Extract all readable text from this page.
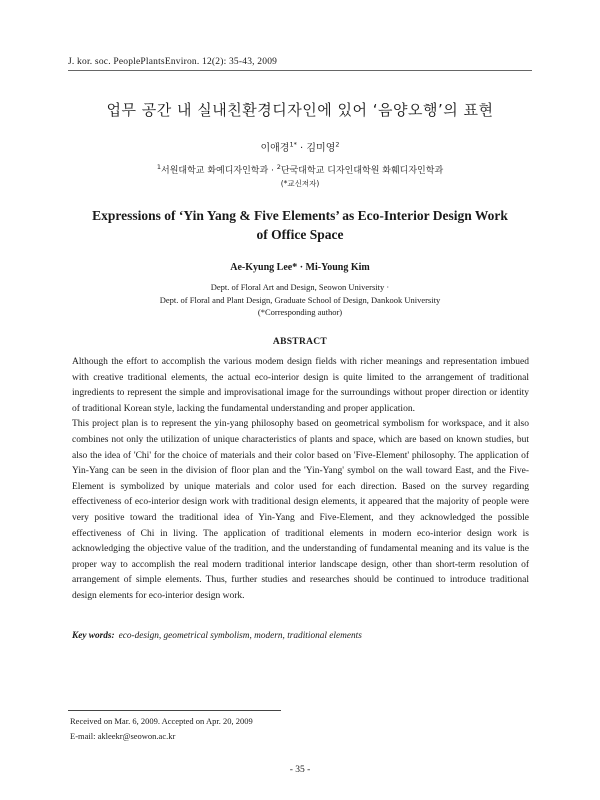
J. kor. soc. PeoplePlantsEnviron. 12(2): 35-43, 2009
업무 공간 내 실내친환경디자인에 있어 ‘음양오행’의 표현
이애경$^{1*}$ · 김미영$^2$
$^1$서원대학교 화예디자인학과 · $^2$단국대학교 디자인대학원 화훼디자인학과
(*교신저자)
Expressions of ‘Yin Yang & Five Elements’ as Eco-Interior Design Work
of Office Space
Ae-Kyung Lee* · Mi-Young Kim
Dept. of Floral Art and Design, Seowon University ·
Dept. of Floral and Plant Design, Graduate School of Design, Dankook University
(*Corresponding author)
ABSTRACT

Although the effort to accomplish the various modem design fields with richer meanings and representation imbued with creative traditional elements, the actual eco-interior design is quite limited to the arrangement of traditional ingredients to represent the simple and improvisational image for the surroundings without proper direction or identity of traditional Korean style, lacking the fundamental understanding and proper application.

This project plan is to represent the yin-yang philosophy based on geometrical symbolism for workspace, and it also combines not only the utilization of unique characteristics of plants and space, which are based on known studies, but also the idea of 'Chi' for the choice of materials and their color based on 'Five-Element' philosophy. The application of Yin-Yang can be seen in the division of floor plan and the 'Yin-Yang' symbol on the wall toward East, and the Five-Element is symbolized by unique materials and color used for each direction. Based on the survey regarding effectiveness of eco-interior design work with traditional design elements, it appeared that the majority of people were very positive toward the traditional idea of Yin-Yang and Five-Element, and they acknowledged the possible effectiveness of Chi in living. The application of traditional elements in modern eco-interior design work is acknowledging the objective value of the tradition, and the understanding of fundamental meaning and its value is the proper way to accomplish the real modern traditional interior landscape design, other than short-term resolution of arrangement of simple elements. Thus, further studies and researches should be continued to introduce traditional design elements for eco-interior design work.

Key words: eco-design, geometrical symbolism, modern, traditional elements
Received on Mar. 6, 2009. Accepted on Apr. 20, 2009
E-mail: akleekr@seowon.ac.kr
- 35 -
